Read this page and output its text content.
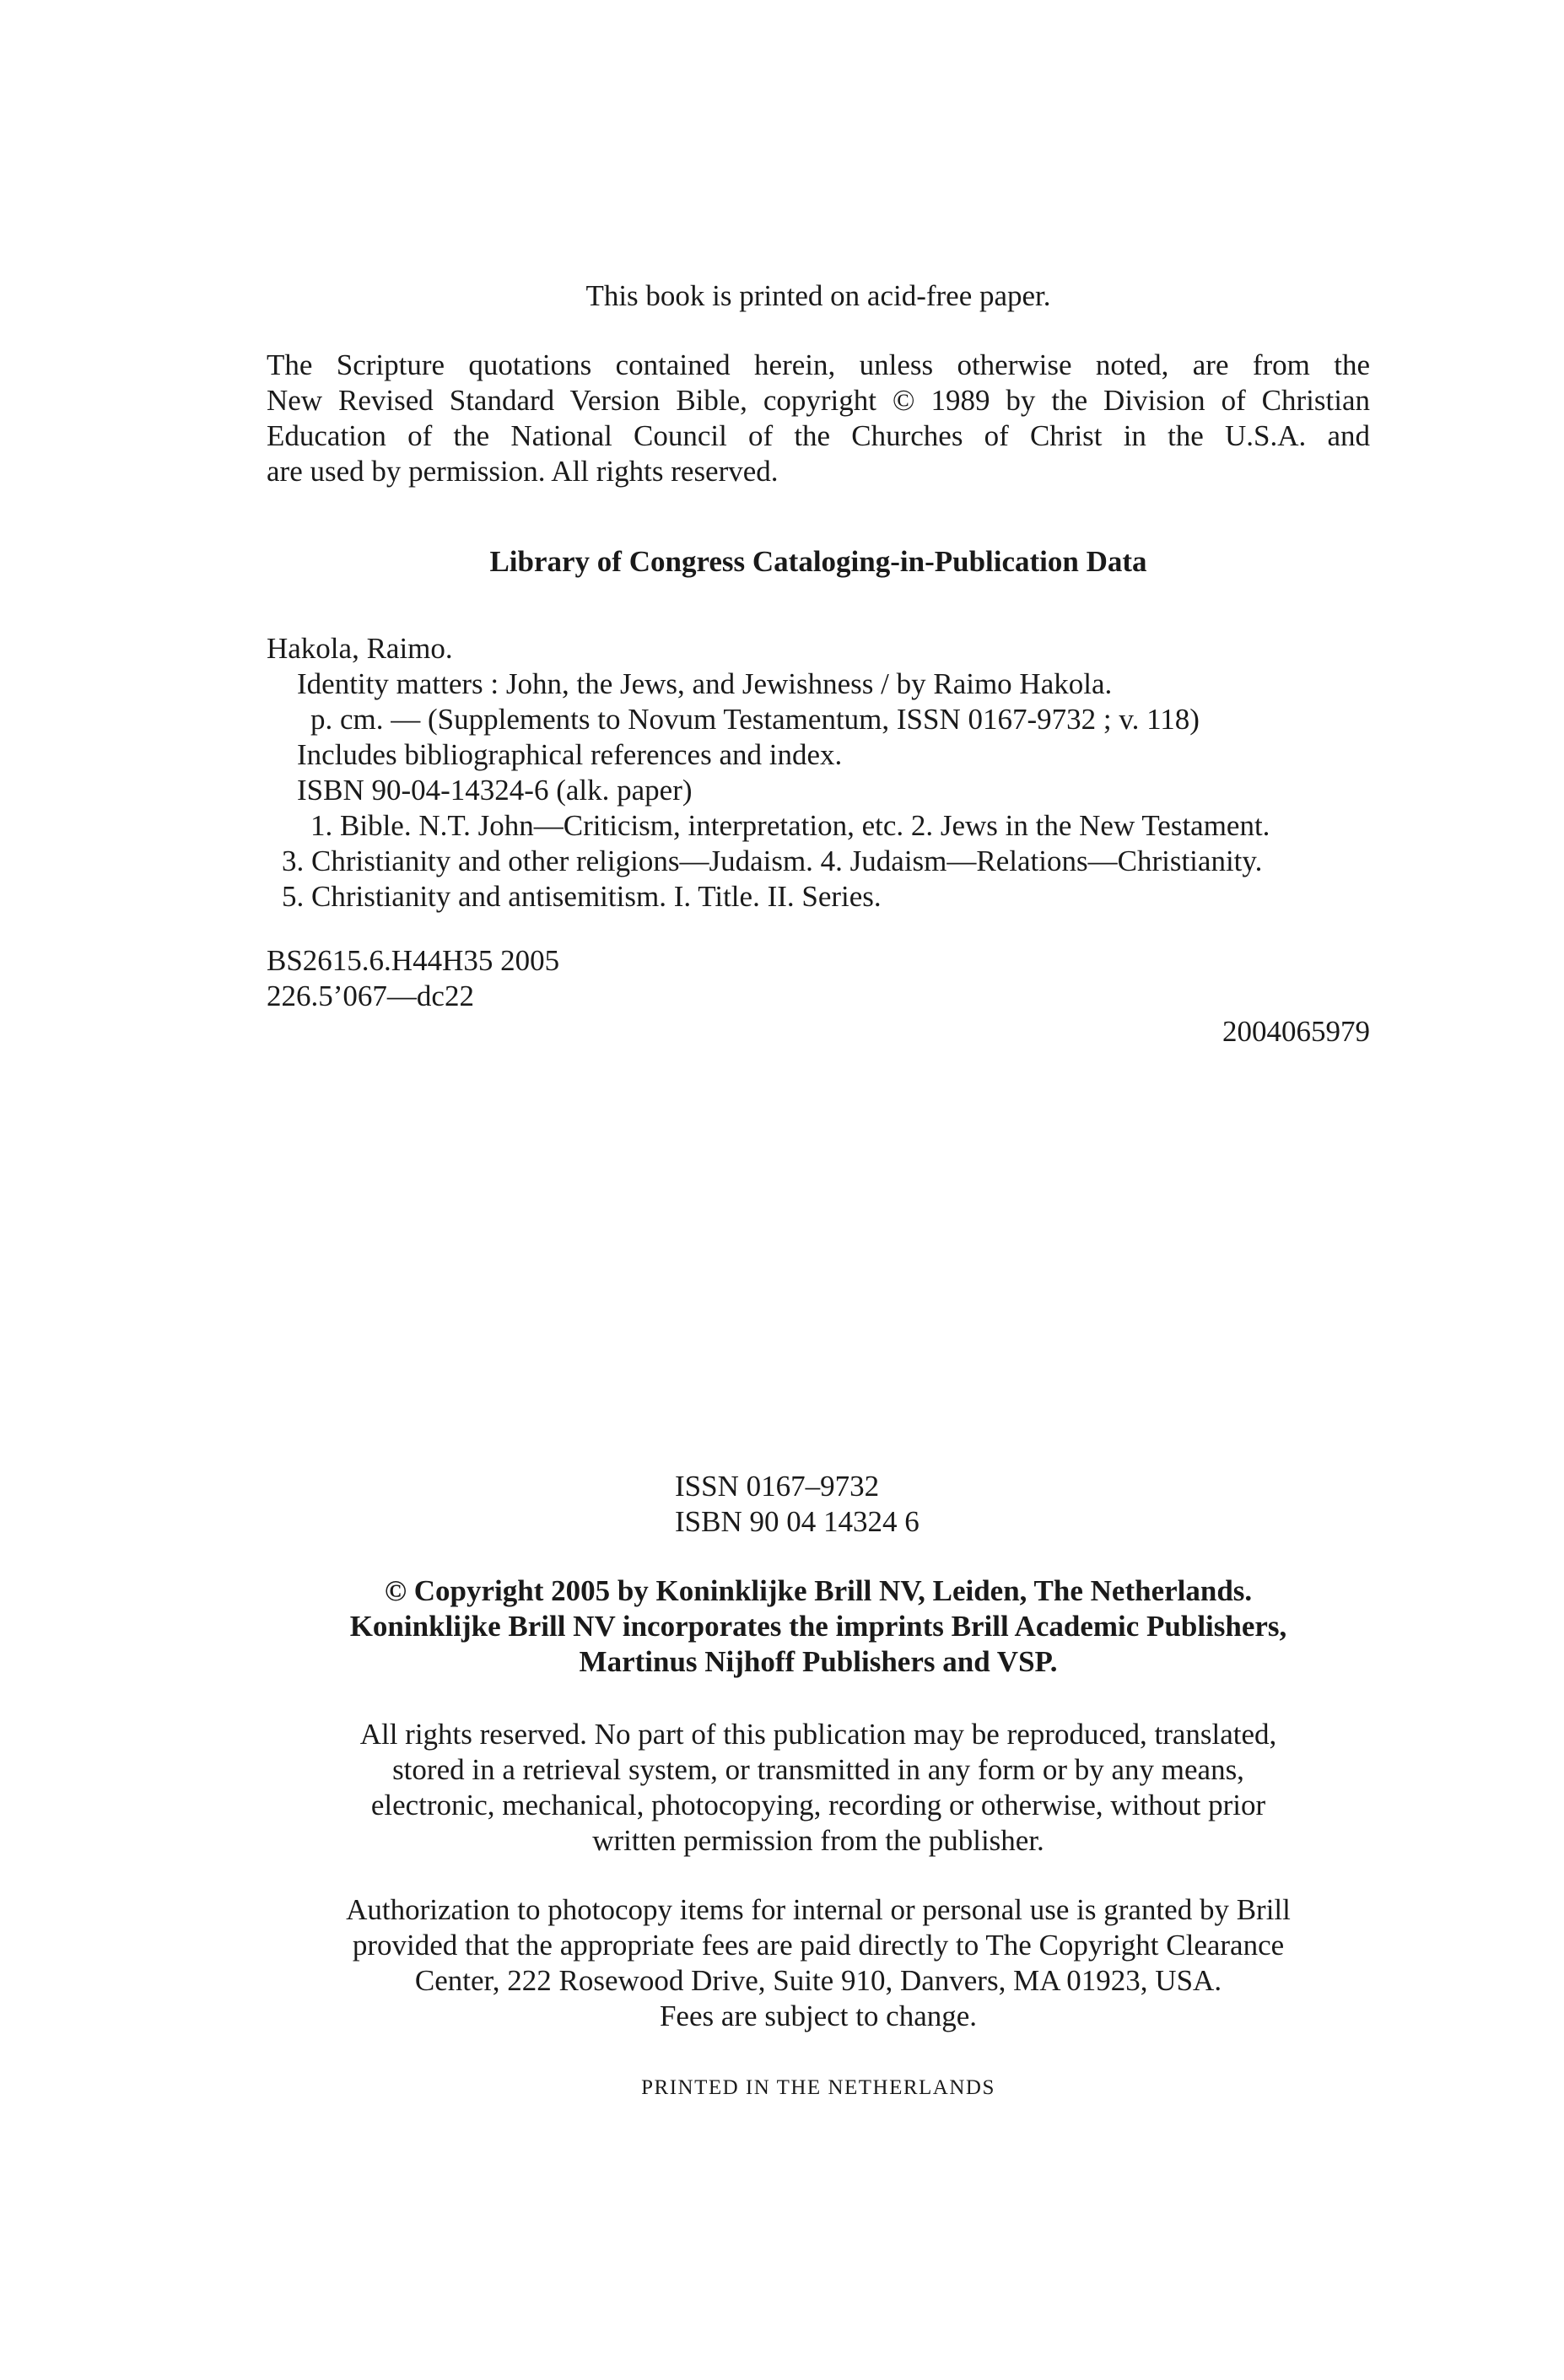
This book is printed on acid-free paper.
The Scripture quotations contained herein, unless otherwise noted, are from the
New Revised Standard Version Bible, copyright © 1989 by the Division of Christian
Education of the National Council of the Churches of Christ in the U.S.A. and
are used by permission. All rights reserved.
Library of Congress Cataloging-in-Publication Data
Hakola, Raimo.
Identity matters : John, the Jews, and Jewishness / by Raimo Hakola.
p. cm. — (Supplements to Novum Testamentum, ISSN 0167-9732 ; v. 118)
Includes bibliographical references and index.
ISBN 90-04-14324-6 (alk. paper)
1. Bible. N.T. John—Criticism, interpretation, etc. 2. Jews in the New Testament.
3. Christianity and other religions—Judaism. 4. Judaism—Relations—Christianity.
5. Christianity and antisemitism. I. Title. II. Series.
BS2615.6.H44H35 2005
226.5’067—dc22
2004065979
ISSN 0167–9732
ISBN 90 04 14324 6
© Copyright 2005 by Koninklijke Brill NV, Leiden, The Netherlands.
Koninklijke Brill NV incorporates the imprints Brill Academic Publishers,
Martinus Nijhoff Publishers and VSP.
All rights reserved. No part of this publication may be reproduced, translated,
stored in a retrieval system, or transmitted in any form or by any means,
electronic, mechanical, photocopying, recording or otherwise, without prior
written permission from the publisher.
Authorization to photocopy items for internal or personal use is granted by Brill
provided that the appropriate fees are paid directly to The Copyright Clearance
Center, 222 Rosewood Drive, Suite 910, Danvers, MA 01923, USA.
Fees are subject to change.
PRINTED IN THE NETHERLANDS
